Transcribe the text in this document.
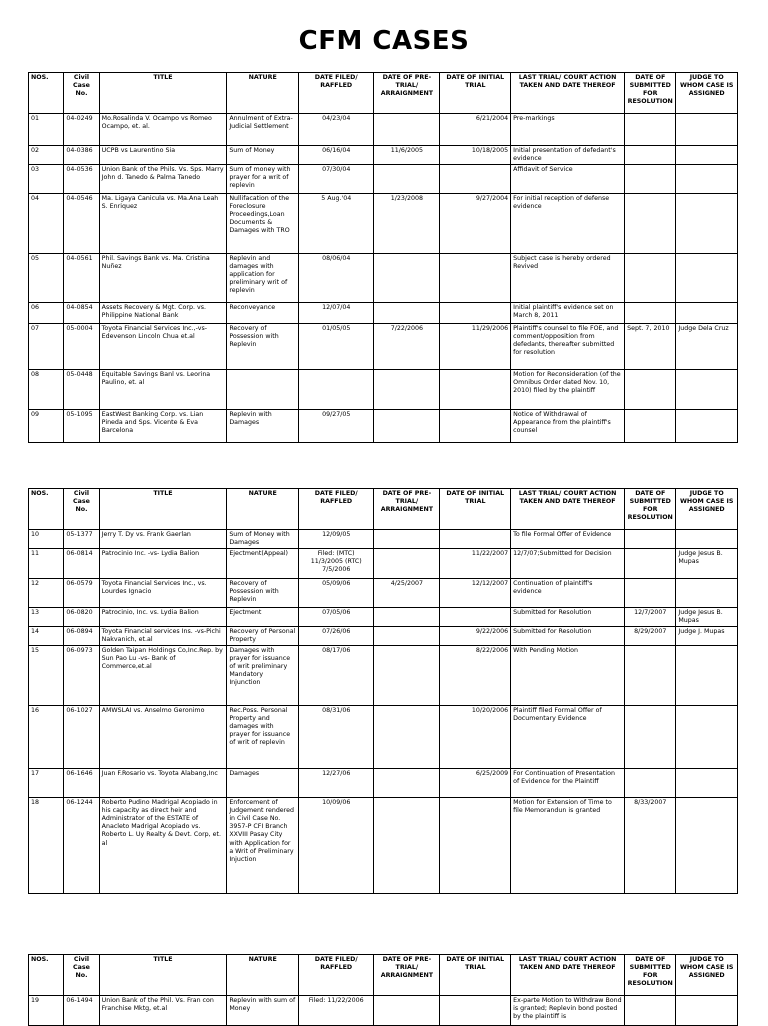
CFM CASES
NOS.	Civil Case No.	TITLE	NATURE	DATE FILED/ RAFFLED	DATE OF PRE-TRIAL/ ARRAIGNMENT	DATE OF INITIAL TRIAL	LAST TRIAL/ COURT ACTION TAKEN AND DATE THEREOF	DATE OF SUBMITTED FOR RESOLUTION	JUDGE TO WHOM CASE IS ASSIGNED
01	04-0249	Mo.Rosalinda V. Ocampo vs Romeo Ocampo, et. al.	Annulment of Extra-Judicial Settlement	04/23/04		6/21/2004	Pre-markings		
02	04-0386	UCPB vs Laurentino Sia	Sum of Money	06/16/04	11/6/2005	10/18/2005	Initial presentation of defedant's evidence		
03	04-0536	Union Bank of the Phils. Vs. Sps. Marry John d. Tanedo & Palma Tanedo	Sum of money with prayer for a writ of replevin	07/30/04			Affidavit of Service		
04	04-0546	Ma. Ligaya Canicula vs. Ma.Ana Leah S. Enriquez	Nullifacation of the Foreclosure Proceedings,Loan Documents & Damages with TRO	5 Aug.'04	1/23/2008	9/27/2004	For initial reception of defense evidence		
05	04-0561	Phil. Savings Bank vs. Ma. Cristina Nuñez	Replevin and damages with application for preliminary writ of replevin	08/06/04			Subject case is hereby ordered Revived		
06	04-0854	Assets Recovery & Mgt. Corp. vs. Philippine National Bank	Reconveyance	12/07/04			Initial plaintiff's evidence set on March 8, 2011		
07	05-0004	Toyota Financial Services Inc.,-vs-Edevenson Lincoln Chua et.al	Recovery of Possession with Replevin	01/05/05	7/22/2006	11/29/2006	Plaintiff's counsel to file FOE, and comment/opposition from defedants, thereafter submitted for resolution	Sept. 7, 2010	Judge Dela Cruz
08	05-0448	Equitable Savings Banl vs. Leorina Paulino, et. al					Motion for Reconsideration (of the Omnibus Order dated Nov. 10, 2010) filed by the plaintiff		
09	05-1095	EastWest Banking Corp. vs. Lian Pineda and Sps. Vicente & Eva Barcelona	Replevin with Damages	09/27/05			Notice of Withdrawal of Appearance from the plaintiff's counsel		
NOS.	Civil Case No.	TITLE	NATURE	DATE FILED/ RAFFLED	DATE OF PRE-TRIAL/ ARRAIGNMENT	DATE OF INITIAL TRIAL	LAST TRIAL/ COURT ACTION TAKEN AND DATE THEREOF	DATE OF SUBMITTED FOR RESOLUTION	JUDGE TO WHOM CASE IS ASSIGNED
10	05-1377	Jerry T. Dy vs. Frank Gaerlan	Sum of Money with Damages	12/09/05			To file Formal Offer of Evidence		
11	06-0814	Patrocinio Inc. -vs- Lydia Balion	Ejectment(Appeal)	Filed: (MTC) 11/3/2005 (RTC) 7/5/2006		11/22/2007	12/7/07;Submitted for Decision		Judge Jesus B. Mupas
12	06-0579	Toyota Financial Services Inc., vs. Lourdes Ignacio	Recovery of Possession with Replevin	05/09/06	4/25/2007	12/12/2007	Continuation of plaintiff's evidence		
13	06-0820	Patrocinio, Inc. vs. Lydia Balion	Ejectment	07/05/06			Submitted for Resolution	12/7/2007	Judge Jesus B. Mupas
14	06-0894	Toyota Financial services Ins. -vs-Pichi Nakvanich, et.al	Recovery of Personal Property	07/26/06		9/22/2006	Submitted for Resolution	8/29/2007	Judge J. Mupas
15	06-0973	Golden Taipan Holdings Co,Inc.Rep. by Sun Pao Lu -vs- Bank of Commerce,et.al	Damages with prayer for issuance of writ preliminary Mandatory Injunction	08/17/06		8/22/2006	With Pending Motion		
16	06-1027	AMWSLAI vs. Anselmo Geronimo	Rec.Poss. Personal Property and damages with prayer for issuance of writ of replevin	08/31/06		10/20/2006	Plaintiff filed Formal Offer of Documentary Evidence		
17	06-1646	Juan F.Rosario vs. Toyota Alabang,Inc	Damages	12/27/06		6/25/2009	For Continuation of Presentation of Evidence for the Plaintiff		
18	06-1244	Roberto Pudino Madrigal Acopiado in his capacity as direct heir and Administrator of the ESTATE of Anacleto Madrigal Acopiado vs. Roberto L. Uy Realty & Devt. Corp, et. al	Enforcement of Judgement rendered in Civil Case No. 3957-P CFI Branch XXVIII Pasay City with Application for a Writ of Preliminary Injuction	10/09/06			Motion for Extension of Time to file Memorandun is granted	8/33/2007	
NOS.	Civil Case No.	TITLE	NATURE	DATE FILED/ RAFFLED	DATE OF PRE-TRIAL/ ARRAIGNMENT	DATE OF INITIAL TRIAL	LAST TRIAL/ COURT ACTION TAKEN AND DATE THEREOF	DATE OF SUBMITTED FOR RESOLUTION	JUDGE TO WHOM CASE IS ASSIGNED
19	06-1494	Union Bank of the Phil. Vs. Fran con Franchise Mktg, et.al	Replevin with sum of Money	Filed: 11/22/2006			Ex-parte Motion to Withdraw Bond is granted; Replevin bond posted by the plaintiff is		
